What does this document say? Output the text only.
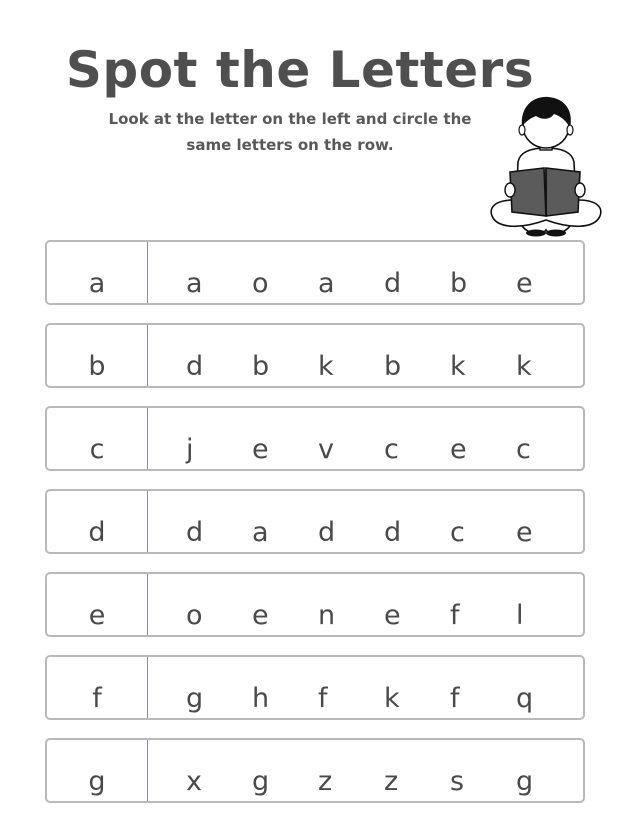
Spot the Letters
Look at the letter on the left and circle the
same letters on the row.
a	a	o	a	d	b	e
b	d	b	k	b	k	k
c	j	e	v	c	e	c
d	d	a	d	d	c	e
e	o	e	n	e	f	l
f	g	h	f	k	f	q
g	x	g	z	z	s	g
